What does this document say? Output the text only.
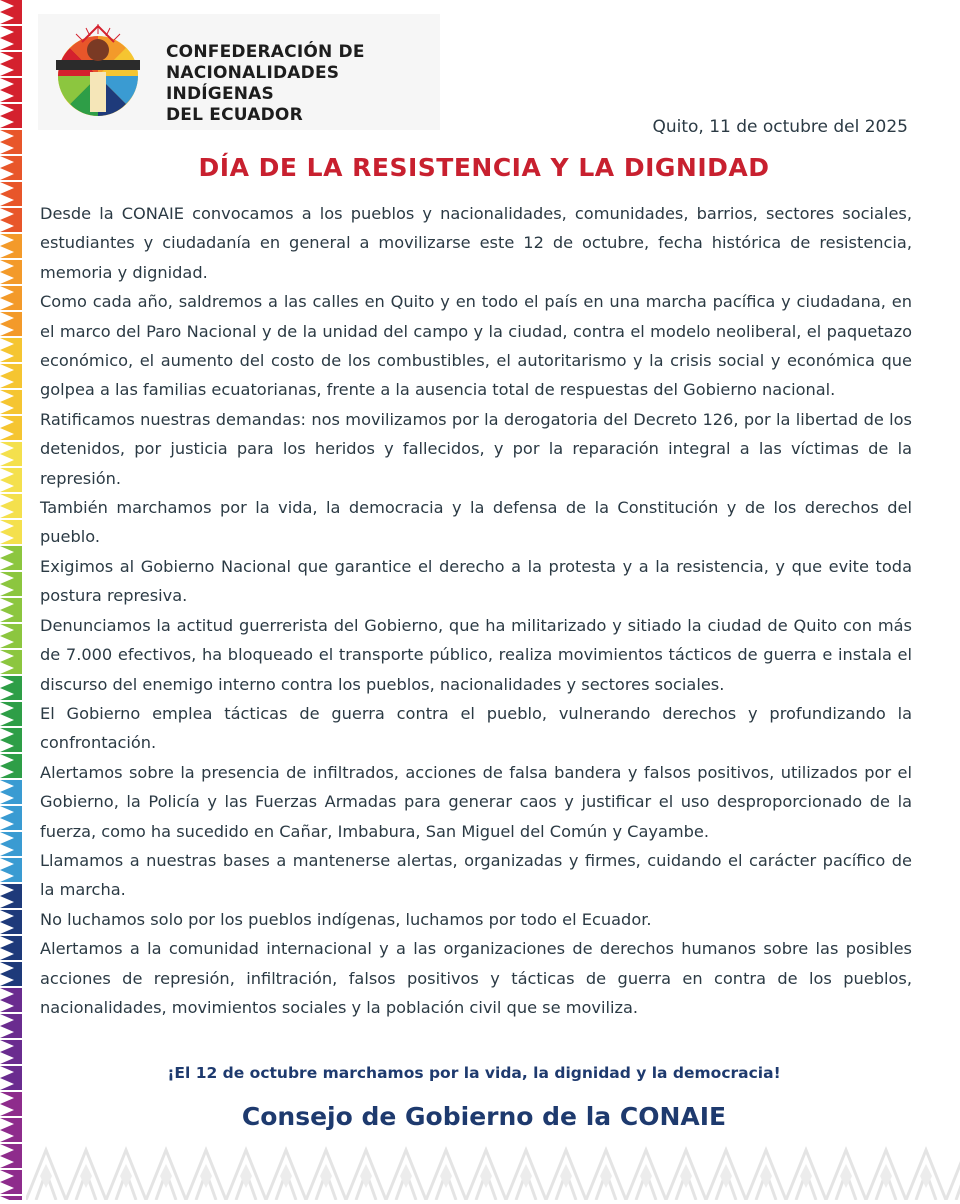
CONFEDERACIÓN DE
NACIONALIDADES INDÍGENAS
DEL ECUADOR

Quito, 11 de octubre del 2025

DÍA DE LA RESISTENCIA Y LA DIGNIDAD

Desde la CONAIE convocamos a los pueblos y nacionalidades, comunidades, barrios, sectores sociales, estudiantes y ciudadanía en general a movilizarse este 12 de octubre, fecha histórica de resistencia, memoria y dignidad.

Como cada año, saldremos a las calles en Quito y en todo el país en una marcha pacífica y ciudadana, en el marco del Paro Nacional y de la unidad del campo y la ciudad, contra el modelo neoliberal, el paquetazo económico, el aumento del costo de los combustibles, el autoritarismo y la crisis social y económica que golpea a las familias ecuatorianas, frente a la ausencia total de respuestas del Gobierno nacional.

Ratificamos nuestras demandas: nos movilizamos por la derogatoria del Decreto 126, por la libertad de los detenidos, por justicia para los heridos y fallecidos, y por la reparación integral a las víctimas de la represión.

También marchamos por la vida, la democracia y la defensa de la Constitución y de los derechos del pueblo.

Exigimos al Gobierno Nacional que garantice el derecho a la protesta y a la resistencia, y que evite toda postura represiva.

Denunciamos la actitud guerrerista del Gobierno, que ha militarizado y sitiado la ciudad de Quito con más de 7.000 efectivos, ha bloqueado el transporte público, realiza movimientos tácticos de guerra e instala el discurso del enemigo interno contra los pueblos, nacionalidades y sectores sociales.

El Gobierno emplea tácticas de guerra contra el pueblo, vulnerando derechos y profundizando la confrontación.

Alertamos sobre la presencia de infiltrados, acciones de falsa bandera y falsos positivos, utilizados por el Gobierno, la Policía y las Fuerzas Armadas para generar caos y justificar el uso desproporcionado de la fuerza, como ha sucedido en Cañar, Imbabura, San Miguel del Común y Cayambe.

Llamamos a nuestras bases a mantenerse alertas, organizadas y firmes, cuidando el carácter pacífico de la marcha.

No luchamos solo por los pueblos indígenas, luchamos por todo el Ecuador.

Alertamos a la comunidad internacional y a las organizaciones de derechos humanos sobre las posibles acciones de represión, infiltración, falsos positivos y tácticas de guerra en contra de los pueblos, nacionalidades, movimientos sociales y la población civil que se moviliza.

¡El 12 de octubre marchamos por la vida, la dignidad y la democracia!

Consejo de Gobierno de la CONAIE
